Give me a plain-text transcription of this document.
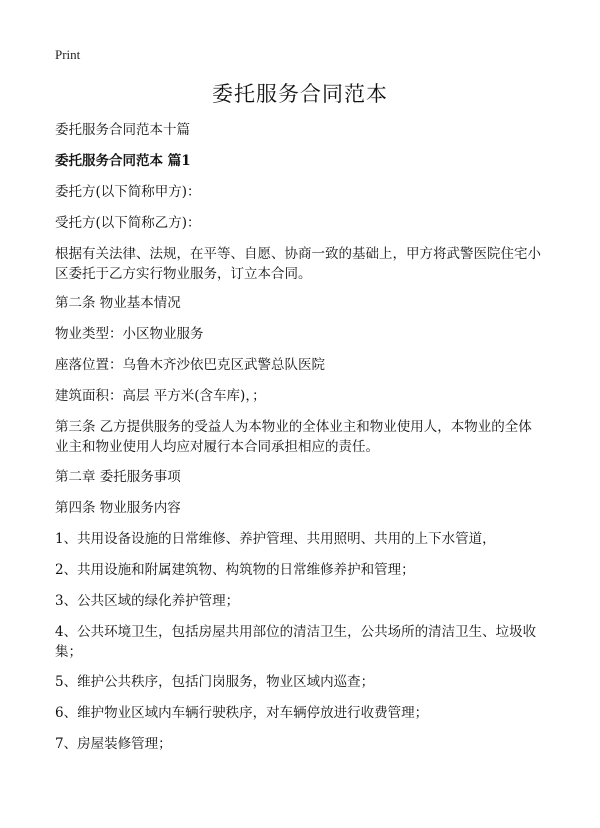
Print
委托服务合同范本

委托服务合同范本十篇

委托服务合同范本 篇1

委托方(以下简称甲方)：

受托方(以下简称乙方)：

根据有关法律、法规，在平等、自愿、协商一致的基础上，甲方将武警医院住宅小区委托于乙方实行物业服务，订立本合同。

第二条 物业基本情况

物业类型：小区物业服务

座落位置：乌鲁木齐沙依巴克区武警总队医院

建筑面积：高层 平方米(含车库)，；

第三条 乙方提供服务的受益人为本物业的全体业主和物业使用人，本物业的全体业主和物业使用人均应对履行本合同承担相应的责任。

第二章 委托服务事项

第四条 物业服务内容

1、共用设备设施的日常维修、养护管理、共用照明、共用的上下水管道，

2、共用设施和附属建筑物、构筑物的日常维修养护和管理；

3、公共区域的绿化养护管理；

4、公共环境卫生，包括房屋共用部位的清洁卫生，公共场所的清洁卫生、垃圾收集；

5、维护公共秩序，包括门岗服务，物业区域内巡查；

6、维护物业区域内车辆行驶秩序，对车辆停放进行收费管理；

7、房屋装修管理；
